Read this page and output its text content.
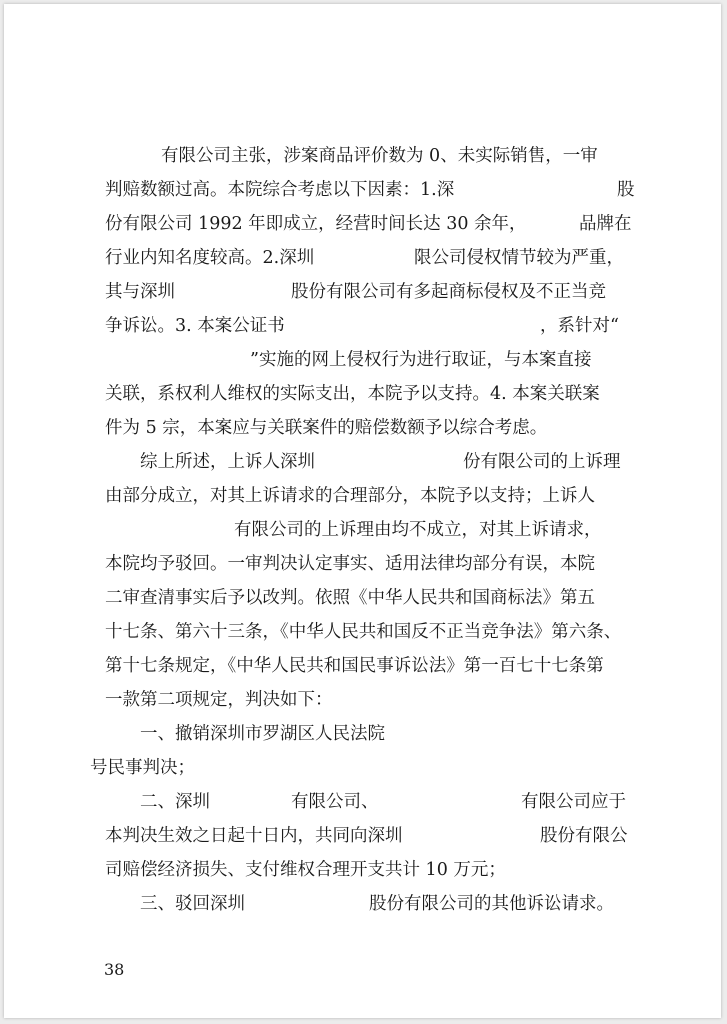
有限公司主张，涉案商品评价数为 0、未实际销售，一审
判赔数额过高。本院综合考虑以下因素：1.深	股
份有限公司 1992 年即成立，经营时间长达 30 余年，	品牌在
行业内知名度较高。2.深圳	限公司侵权情节较为严重，
其与深圳	股份有限公司有多起商标侵权及不正当竞
争诉讼。3. 本案公证书	，系针对“
”实施的网上侵权行为进行取证，与本案直接
关联，系权利人维权的实际支出，本院予以支持。4. 本案关联案
件为 5 宗，本案应与关联案件的赔偿数额予以综合考虑。
综上所述，上诉人深圳	份有限公司的上诉理
由部分成立，对其上诉请求的合理部分，本院予以支持；上诉人
有限公司的上诉理由均不成立，对其上诉请求，
本院均予驳回。一审判决认定事实、适用法律均部分有误，本院
二审查清事实后予以改判。依照《中华人民共和国商标法》第五
十七条、第六十三条，《中华人民共和国反不正当竞争法》第六条、
第十七条规定，《中华人民共和国民事诉讼法》第一百七十七条第
一款第二项规定，判决如下：
一、撤销深圳市罗湖区人民法院
号民事判决；
二、深圳	有限公司、	有限公司应于
本判决生效之日起十日内，共同向深圳	股份有限公
司赔偿经济损失、支付维权合理开支共计 10 万元；
三、驳回深圳	股份有限公司的其他诉讼请求。
38
